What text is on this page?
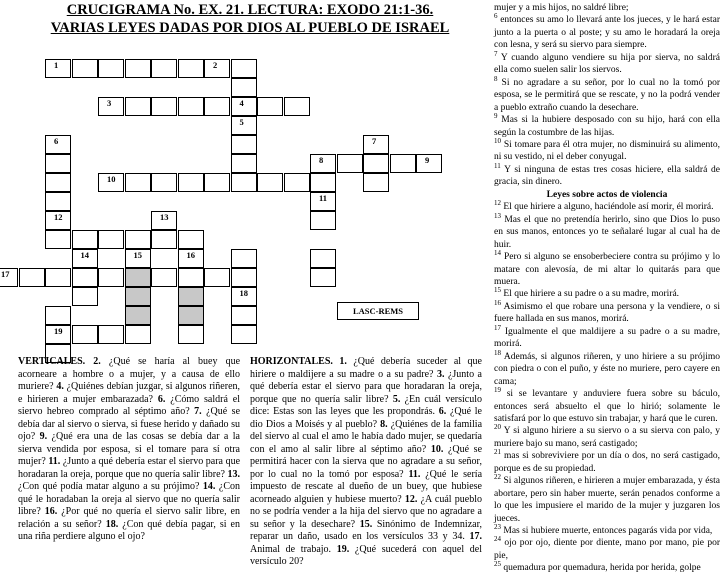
CRUCIGRAMA No. EX. 21. LECTURA: EXODO 21:1-36.
VARIAS LEYES DADAS POR DIOS AL PUEBLO DE ISRAEL
1	2
3	4
5
6	7
8	9
10
11
12	13
14	15	16
17
18
19
LASC-REMS
VERTICALES. 2. ¿Qué se haría al buey que acorneare a hombre o a mujer, y a causa de ello muriere? 4. ¿Quiénes debían juzgar, si algunos riñeren, e hirieren a mujer embarazada? 6. ¿Cómo saldrá el siervo hebreo comprado al séptimo año? 7. ¿Qué se debía dar al siervo o sierva, si fuese herido y dañado su ojo? 9. ¿Qué era una de las cosas se debía dar a la sierva vendida por esposa, si el tomare para sí otra mujer? 11. ¿Junto a qué debería estar el siervo para que horadaran la oreja, porque que no quería salir libre? 13. ¿Con qué podía matar alguno a su prójimo? 14. ¿Con qué le horadaban la oreja al siervo que no quería salir libre? 16. ¿Por qué no quería el siervo salir libre, en relación a su señor? 18. ¿Con qué debía pagar, si en una riña perdiere alguno el ojo?
HORIZONTALES. 1. ¿Qué debería suceder al que hiriere o maldijere a su madre o a su padre? 3. ¿Junto a qué debería estar el siervo para que horadaran la oreja, porque que no quería salir libre? 5. ¿En cuál versículo dice: Estas son las leyes que les propondrás. 6. ¿Qué le dio Dios a Moisés y al pueblo? 8. ¿Quiénes de la familia del siervo al cual el amo le había dado mujer, se quedaría con el amo al salir libre al séptimo año? 10. ¿Qué se permitirá hacer con la sierva que no agradare a su señor, por lo cual no la tomó por esposa? 11. ¿Qué le sería impuesto de rescate al dueño de un buey, que hubiese acorneado alguien y hubiese muerto? 12. ¿A cuál pueblo no se podría vender a la hija del siervo que no agradare a su señor y la desechare? 15. Sinónimo de Indemnizar, reparar un daño, usado en los versículos 33 y 34. 17. Animal de trabajo. 19. ¿Qué sucederá con aquel del versículo 20?

mujer y a mis hijos, no saldré libre;

$^6$ entonces su amo lo llevará ante los jueces, y le hará estar junto a la puerta o al poste; y su amo le horadará la oreja con lesna, y será su siervo para siempre.

$^7$ Y cuando alguno vendiere su hija por sierva, no saldrá ella como suelen salir los siervos.

$^8$ Si no agradare a su señor, por lo cual no la tomó por esposa, se le permitirá que se rescate, y no la podrá vender a pueblo extraño cuando la desechare.

$^9$ Mas si la hubiere desposado con su hijo, hará con ella según la costumbre de las hijas.

$^{10}$ Si tomare para él otra mujer, no disminuirá su alimento, ni su vestido, ni el deber conyugal.

$^{11}$ Y si ninguna de estas tres cosas hiciere, ella saldrá de gracia, sin dinero.

Leyes sobre actos de violencia

$^{12}$ El que hiriere a alguno, haciéndole así morir, él morirá.

$^{13}$ Mas el que no pretendía herirlo, sino que Dios lo puso en sus manos, entonces yo te señalaré lugar al cual ha de huir.

$^{14}$ Pero si alguno se ensoberbeciere contra su prójimo y lo matare con alevosía, de mi altar lo quitarás para que muera.

$^{15}$ El que hiriere a su padre o a su madre, morirá.

$^{16}$ Asimismo el que robare una persona y la vendiere, o si fuere hallada en sus manos, morirá.

$^{17}$ Igualmente el que maldijere a su padre o a su madre, morirá.

$^{18}$ Además, si algunos riñeren, y uno hiriere a su prójimo con piedra o con el puño, y éste no muriere, pero cayere en cama;

$^{19}$ si se levantare y anduviere fuera sobre su báculo, entonces será absuelto el que lo hirió; solamente le satisfará por lo que estuvo sin trabajar, y hará que le curen.

$^{20}$ Y si alguno hiriere a su siervo o a su sierva con palo, y muriere bajo su mano, será castigado;

$^{21}$ mas si sobreviviere por un día o dos, no será castigado, porque es de su propiedad.

$^{22}$ Si algunos riñeren, e hirieren a mujer embarazada, y ésta abortare, pero sin haber muerte, serán penados conforme a lo que les impusiere el marido de la mujer y juzgaren los jueces.

$^{23}$ Mas si hubiere muerte, entonces pagarás vida por vida,

$^{24}$ ojo por ojo, diente por diente, mano por mano, pie por pie,

$^{25}$ quemadura por quemadura, herida por herida, golpe
